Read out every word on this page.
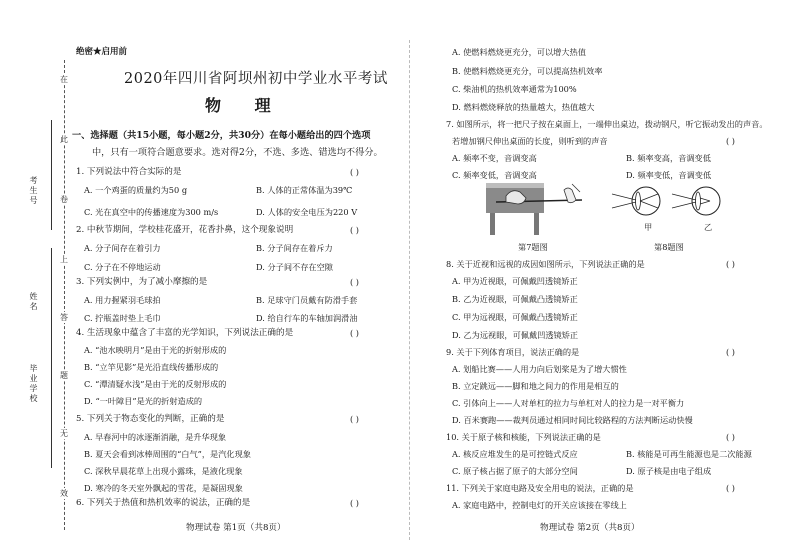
在
此
卷
上
答
题
无
效
考生号
姓名
毕业学校
绝密★启用前
2020年四川省阿坝州初中学业水平考试
物 理
一、选择题（共15小题，每小题2分，共30分）在每小题给出的四个选项
中，只有一项符合题意要求。选对得2分，不选、多选、错选均不得分。
1. 下列说法中符合实际的是	( )
A. 一个鸡蛋的质量约为50 g	B. 人体的正常体温为39℃
C. 光在真空中的传播速度为300 m/s	D. 人体的安全电压为220 V
2. 中秋节期间，学校桂花盛开，花香扑鼻，这个现象说明	( )
A. 分子间存在着引力	B. 分子间存在着斥力
C. 分子在不停地运动	D. 分子间不存在空隙
3. 下列实例中，为了减小摩擦的是	( )
A. 用力握紧羽毛球拍	B. 足球守门员戴有防滑手套
C. 拧瓶盖时垫上毛巾	D. 给自行车的车轴加润滑油
4. 生活现象中蕴含了丰富的光学知识，下列说法正确的是	( )
A. “池水映明月”是由于光的折射形成的
B. “立竿见影”是光沿直线传播形成的
C. “潭清疑水浅”是由于光的反射形成的
D. “一叶障目”是光的折射造成的
5. 下列关于物态变化的判断，正确的是	( )
A. 早春河中的冰逐渐消融，是升华现象
B. 夏天会看到冰棒周围的“白气”，是汽化现象
C. 深秋早晨花草上出现小露珠，是液化现象
D. 寒冷的冬天室外飘起的雪花，是凝固现象
6. 下列关于热值和热机效率的说法，正确的是	( )
物理试卷 第1页（共8页）
A. 使燃料燃烧更充分，可以增大热值
B. 使燃料燃烧更充分，可以提高热机效率
C. 柴油机的热机效率通常为100%
D. 燃料燃烧释放的热量越大，热值越大
7. 如图所示，将一把尺子按在桌面上，一端伸出桌边，拨动钢尺，听它振动发出的声音。
若增加钢尺伸出桌面的长度，则听到的声音	( )
A. 频率不变，音调变高	B. 频率变高，音调变低
C. 频率变低，音调变高	D. 频率变低，音调变低
第7题图
甲	乙
第8题图
8. 关于近视和远视的成因如图所示，下列说法正确的是	( )
A. 甲为近视眼，可佩戴凹透镜矫正
B. 乙为近视眼，可佩戴凸透镜矫正
C. 甲为远视眼，可佩戴凸透镜矫正
D. 乙为远视眼，可佩戴凹透镜矫正
9. 关于下列体育项目，说法正确的是	( )
A. 划船比赛——人用力向后划桨是为了增大惯性
B. 立定跳远——脚和地之间力的作用是相互的
C. 引体向上——人对单杠的拉力与单杠对人的拉力是一对平衡力
D. 百米赛跑——裁判员通过相同时间比较路程的方法判断运动快慢
10. 关于原子核和核能，下列说法正确的是	( )
A. 核反应堆发生的是可控链式反应	B. 核能是可再生能源也是二次能源
C. 原子核占据了原子的大部分空间	D. 原子核是由电子组成
11. 下列关于家庭电路及安全用电的说法，正确的是	( )
A. 家庭电路中，控制电灯的开关应该接在零线上
物理试卷 第2页（共8页）
